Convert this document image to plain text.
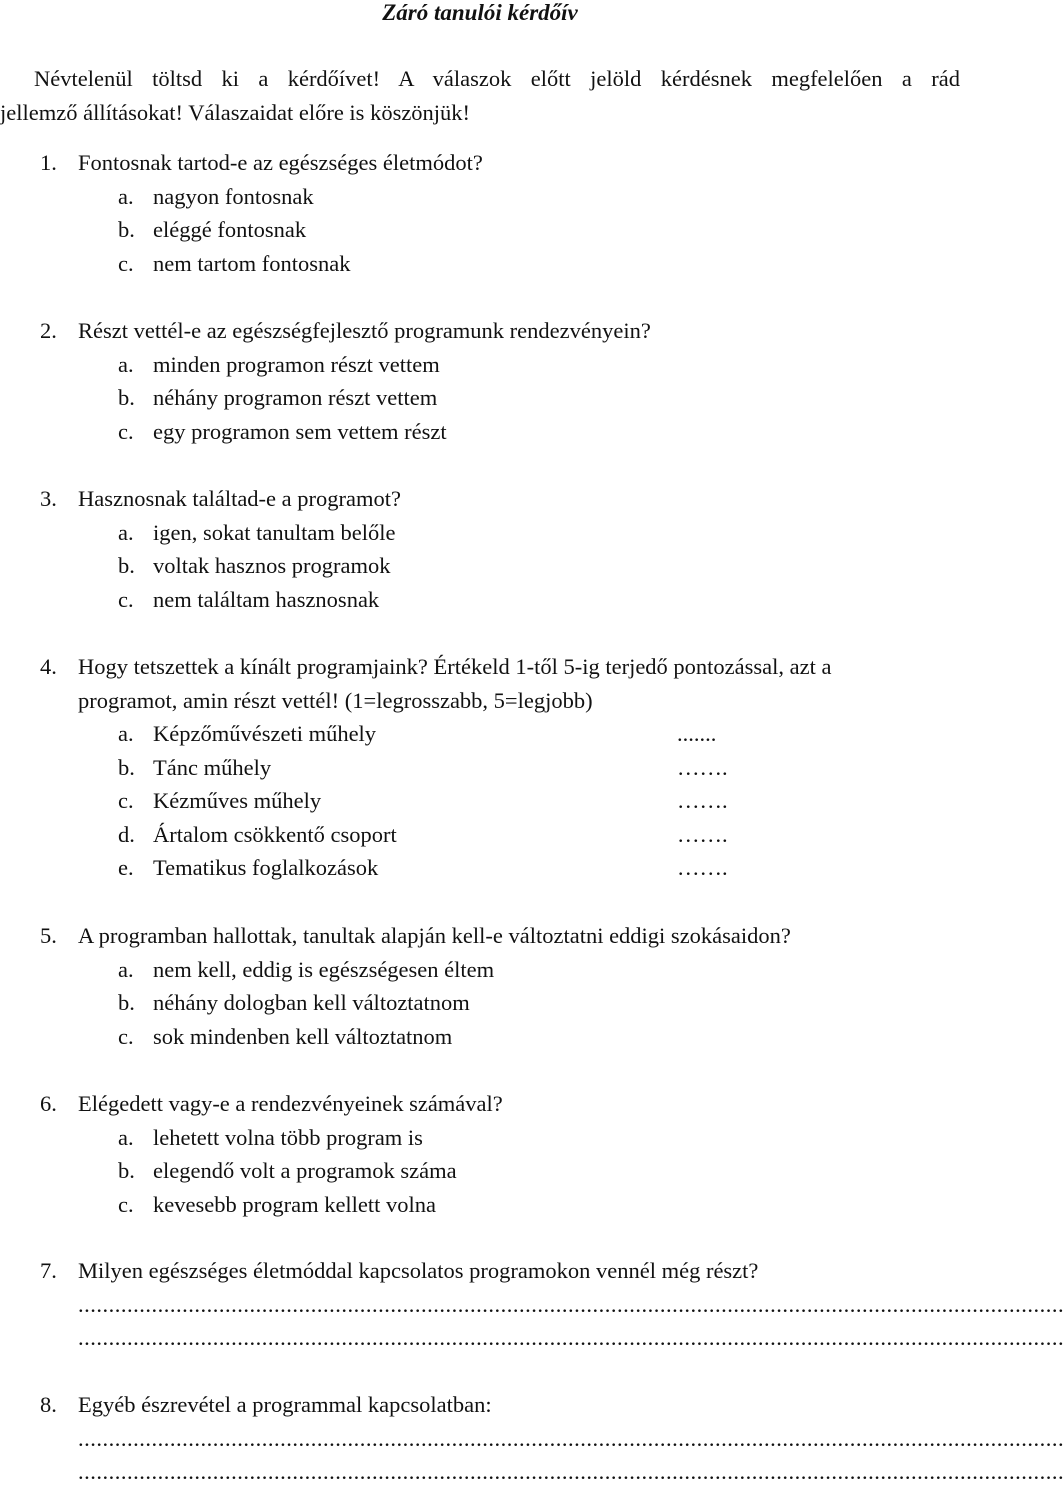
Záró tanulói kérdőív
Névtelenül töltsd ki a kérdőívet! A válaszok előtt jelöld kérdésnek megfelelően a rád
jellemző állításokat! Válaszaidat előre is köszönjük!
1. Fontosnak tartod-e az egészséges életmódot?
a. nagyon fontosnak
b. eléggé fontosnak
c. nem tartom fontosnak
2. Részt vettél-e az egészségfejlesztő programunk rendezvényein?
a. minden programon részt vettem
b. néhány programon részt vettem
c. egy programon sem vettem részt
3. Hasznosnak találtad-e a programot?
a. igen, sokat tanultam belőle
b. voltak hasznos programok
c. nem találtam hasznosnak
4. Hogy tetszettek a kínált programjaink? Értékeld 1-től 5-ig terjedő pontozással, azt a
programot, amin részt vettél! (1=legrosszabb, 5=legjobb)
a. Képzőművészeti műhely	.......
b. Tánc műhely	…….
c. Kézműves műhely	…….
d. Ártalom csökkentő csoport	…….
e. Tematikus foglalkozások	…….
5. A programban hallottak, tanultak alapján kell-e változtatni eddigi szokásaidon?
a. nem kell, eddig is egészségesen éltem
b. néhány dologban kell változtatnom
c. sok mindenben kell változtatnom
6. Elégedett vagy-e a rendezvényeinek számával?
a. lehetett volna több program is
b. elegendő volt a programok száma
c. kevesebb program kellett volna
7. Milyen egészséges életmóddal kapcsolatos programokon vennél még részt?
.................................................................................................................................................................
.................................................................................................................................................................
8. Egyéb észrevétel a programmal kapcsolatban:
.................................................................................................................................................................
.................................................................................................................................................................
